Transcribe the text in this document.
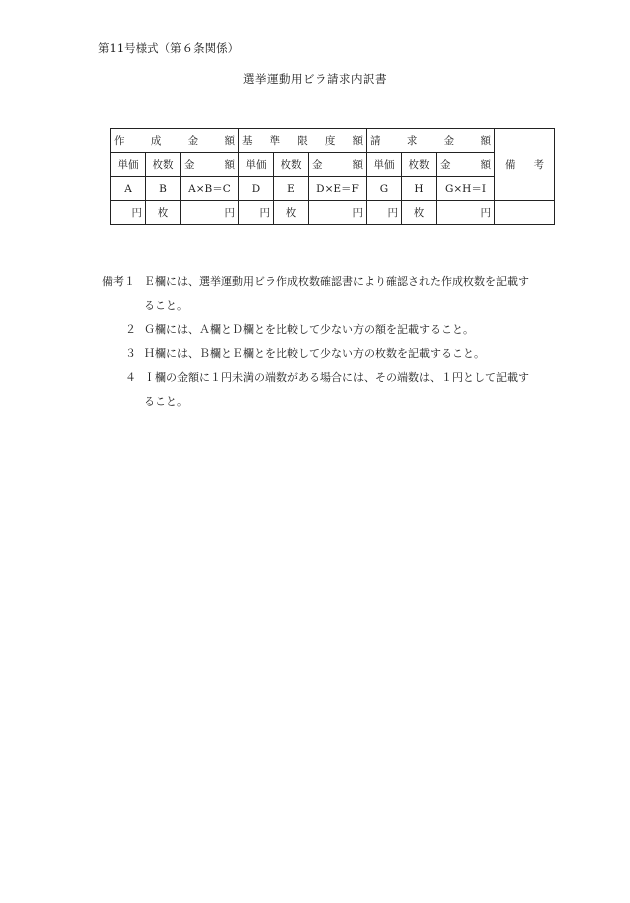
第11号様式（第６条関係）
選挙運動用ビラ請求内訳書
作　成　金　額			基　準　限　度　額			請　求　金　額			備　考

単価	枚数	金　額	単価	枚数	金　額	単価	枚数	金　額	

A	B	A×B＝C	D	E	D×E＝F	G	H	G×H＝I	
円	枚	円	円	枚	円	円	枚	円	
備考１ Ｅ欄には、選挙運動用ビラ作成枚数確認書により確認された作成枚数を記載す
ること。
２ Ｇ欄には、Ａ欄とＤ欄とを比較して少ない方の額を記載すること。
３ Ｈ欄には、Ｂ欄とＥ欄とを比較して少ない方の枚数を記載すること。
４ Ｉ欄の金額に１円未満の端数がある場合には、その端数は、１円として記載す
ること。
